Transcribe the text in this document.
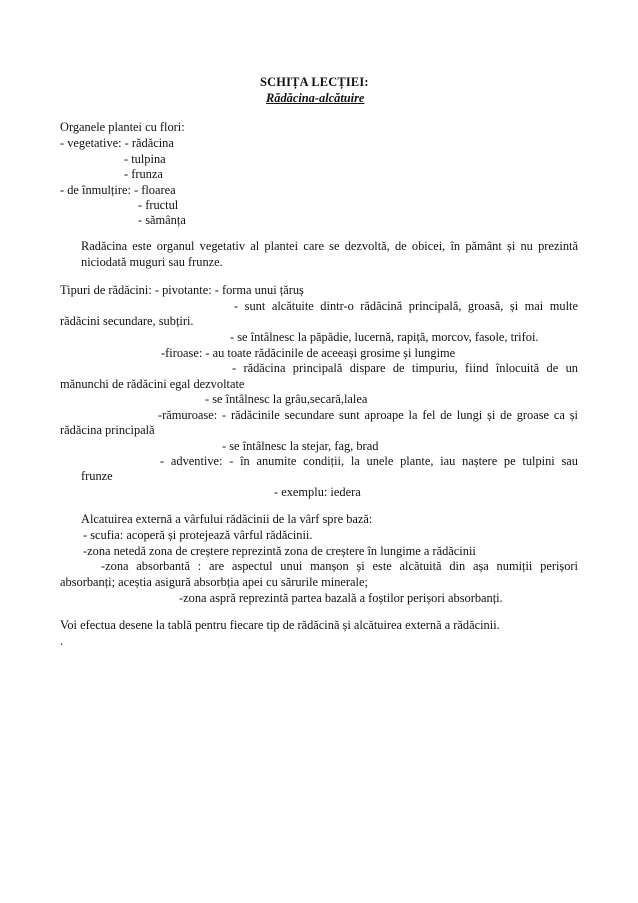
SCHIȚA LECȚIEI:
Rădăcina-alcătuire
Organele plantei cu flori:
- vegetative: - rădăcina
- tulpina
- frunza
- de înmulțire: - floarea
- fructul
- sămânța
Radăcina este organul vegetativ al plantei care se dezvoltă, de obicei, în pământ și nu prezintă
niciodată muguri sau frunze.
Tipuri de rădăcini: - pivotante: - forma unui țăruș
- sunt alcătuite dintr-o rădăcină principală, groasă, și mai multe
rădăcini secundare, subțiri.
- se întâlnesc la păpădie, lucernă, rapiță, morcov, fasole, trifoi.
-firoase: - au toate rădăcinile de aceeași grosime și lungime
- rădăcina principală dispare de timpuriu, fiind înlocuită de un
mănunchi de rădăcini egal dezvoltate
- se întâlnesc la grâu,secară,lalea
-rămuroase: - rădăcinile secundare sunt aproape la fel de lungi și de groase ca și
rădăcina principală
- se întâlnesc la stejar, fag, brad
- adventive: - în anumite condiții, la unele plante, iau naștere pe tulpini sau
frunze
- exemplu: iedera
Alcatuirea externă a vârfului rădăcinii de la vârf spre bază:
- scufia: acoperă și protejează vârful rădăcinii.
-zona netedă zona de creștere reprezintă zona de creștere în lungime a rădăcinii
-zona absorbantă : are aspectul unui manșon și este alcătuită din așa numiții perișori
absorbanți; aceștia asigură absorbția apei cu sărurile minerale;
-zona aspră reprezintă partea bazală a foștilor perișori absorbanți.
Voi efectua desene la tablă pentru fiecare tip de rădăcină și alcătuirea externă a rădăcinii.
.
